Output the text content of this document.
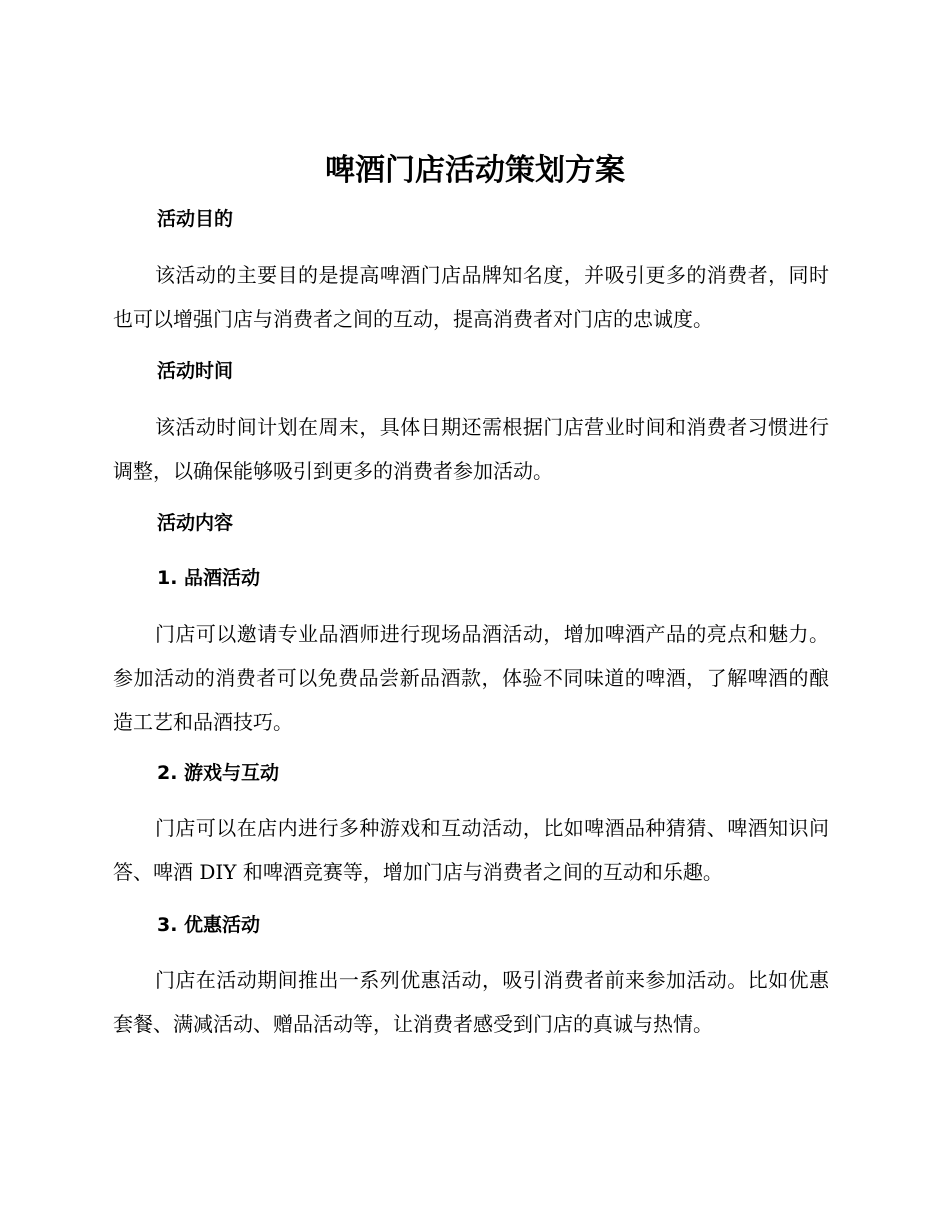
啤酒门店活动策划方案
活动目的
该活动的主要目的是提高啤酒门店品牌知名度，并吸引更多的消费者，同时也可以增强门店与消费者之间的互动，提高消费者对门店的忠诚度。
活动时间
该活动时间计划在周末，具体日期还需根据门店营业时间和消费者习惯进行调整，以确保能够吸引到更多的消费者参加活动。
活动内容
1. 品酒活动
门店可以邀请专业品酒师进行现场品酒活动，增加啤酒产品的亮点和魅力。参加活动的消费者可以免费品尝新品酒款，体验不同味道的啤酒，了解啤酒的酿造工艺和品酒技巧。
2. 游戏与互动
门店可以在店内进行多种游戏和互动活动，比如啤酒品种猜猜、啤酒知识问答、啤酒 DIY 和啤酒竞赛等，增加门店与消费者之间的互动和乐趣。
3. 优惠活动
门店在活动期间推出一系列优惠活动，吸引消费者前来参加活动。比如优惠套餐、满减活动、赠品活动等，让消费者感受到门店的真诚与热情。
